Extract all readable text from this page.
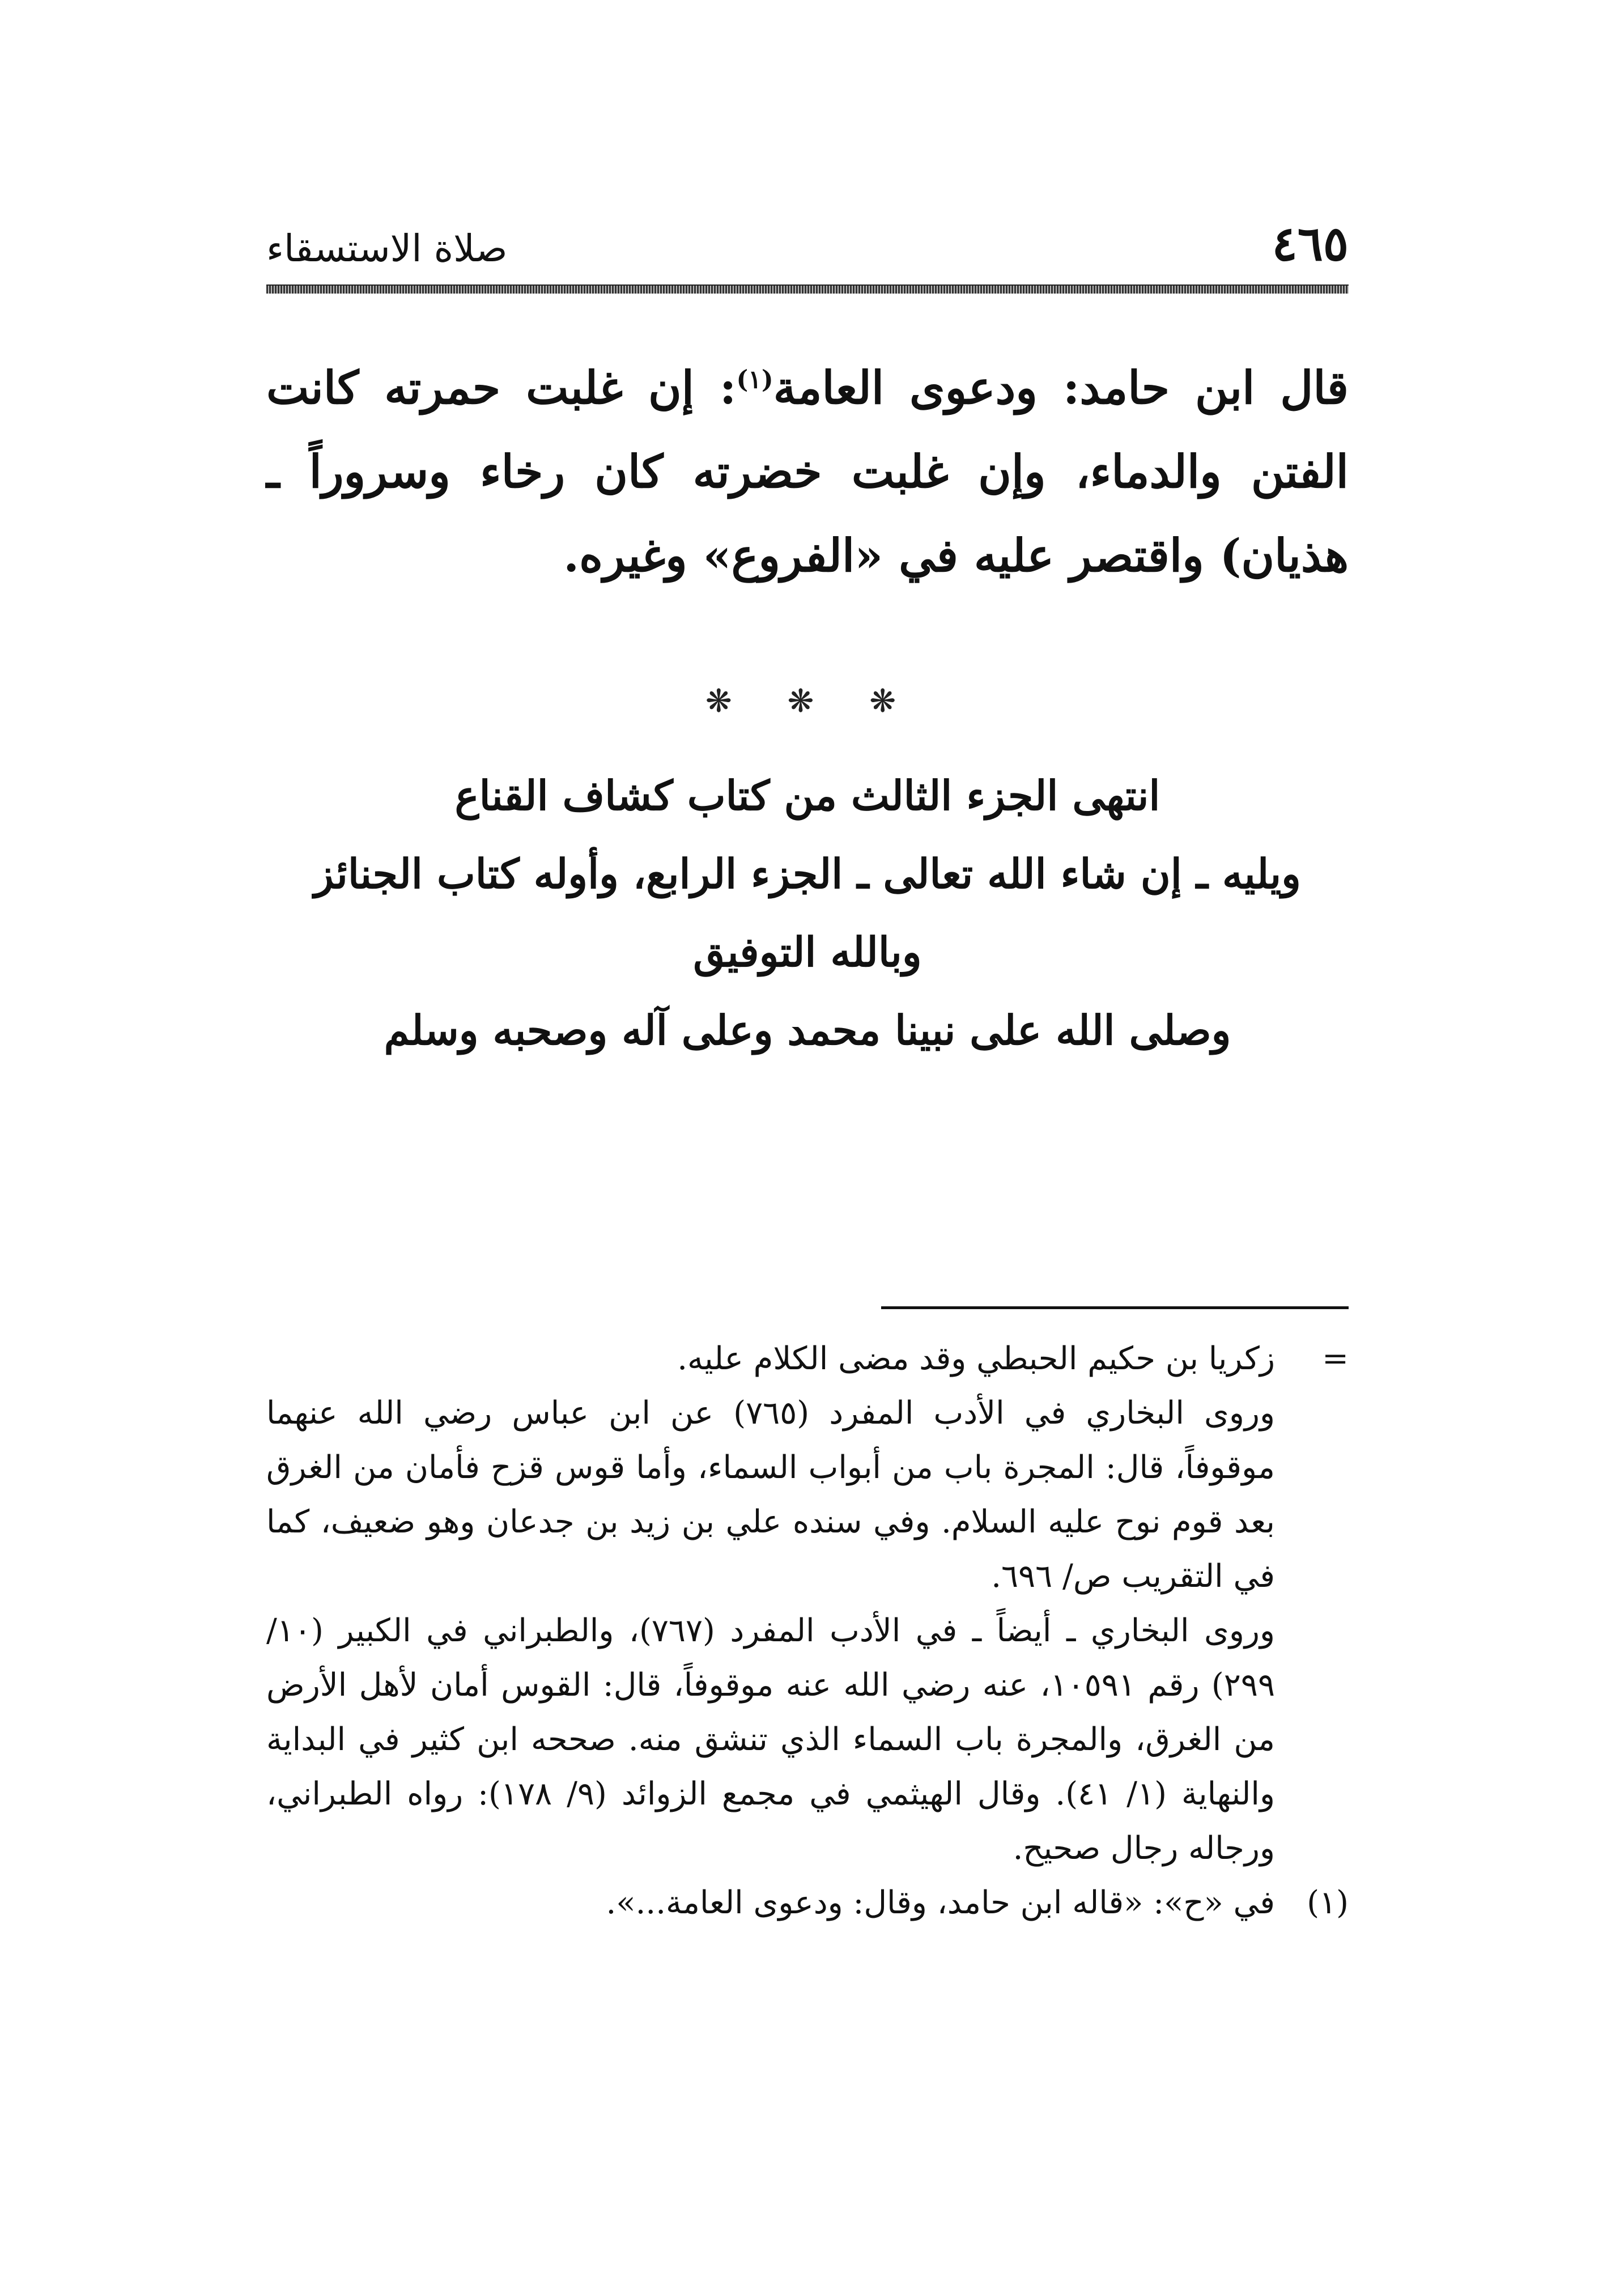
صلاة الاستسقاء	٤٦٥

قال ابن حامد: ودعوى العامة$^{(١)}$: إن غلبت حمرته كانت الفتن والدماء، وإن غلبت خضرته كان رخاء وسروراً ـ هذيان) واقتصر عليه في «الفروع» وغيره.

❋ ❋ ❋
انتهى الجزء الثالث من كتاب كشاف القناع
ويليه ـ إن شاء الله تعالى ـ الجزء الرابع، وأوله كتاب الجنائز
وبالله التوفيق
وصلى الله على نبينا محمد وعلى آله وصحبه وسلم
=

زكريا بن حكيم الحبطي وقد مضى الكلام عليه.

وروى البخاري في الأدب المفرد (٧٦٥) عن ابن عباس رضي الله عنهما موقوفاً، قال: المجرة باب من أبواب السماء، وأما قوس قزح فأمان من الغرق بعد قوم نوح عليه السلام. وفي سنده علي بن زيد بن جدعان وهو ضعيف، كما في التقريب ص/ ٦٩٦.

وروى البخاري ـ أيضاً ـ في الأدب المفرد (٧٦٧)، والطبراني في الكبير (١٠/ ٢٩٩) رقم ١٠٥٩١، عنه رضي الله عنه موقوفاً، قال: القوس أمان لأهل الأرض من الغرق، والمجرة باب السماء الذي تنشق منه. صححه ابن كثير في البداية والنهاية (١/ ٤١). وقال الهيثمي في مجمع الزوائد (٩/ ١٧٨): رواه الطبراني، ورجاله رجال صحيح.

(١)
في «ح»: «قاله ابن حامد، وقال: ودعوى العامة...».
